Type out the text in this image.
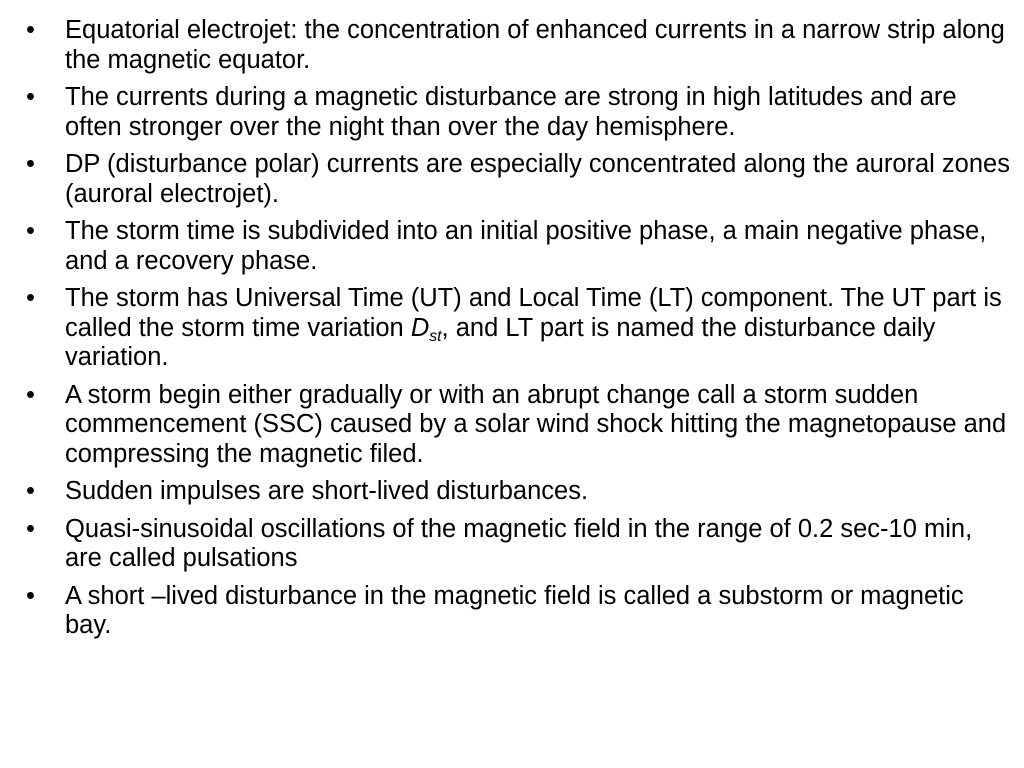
•	Equatorial electrojet: the concentration of enhanced currents in a narrow strip along the magnetic equator.
•	The currents during a magnetic disturbance are strong in high latitudes and are often stronger over the night than over the day hemisphere.
•	DP (disturbance polar) currents are especially concentrated along the auroral zones (auroral electrojet).
•	The storm time is subdivided into an initial positive phase, a main negative phase, and a recovery phase.
•	The storm has Universal Time (UT) and Local Time (LT) component. The UT part is called the storm time variation $D_{st}$, and LT part is named the disturbance daily variation.
•	A storm begin either gradually or with an abrupt change call a storm sudden commencement (SSC) caused by a solar wind shock hitting the magnetopause and compressing the magnetic filed.
•	Sudden impulses are short-lived disturbances.
•	Quasi-sinusoidal oscillations of the magnetic field in the range of 0.2 sec-10 min, are called pulsations
•	A short –lived disturbance in the magnetic field is called a substorm or magnetic bay.
